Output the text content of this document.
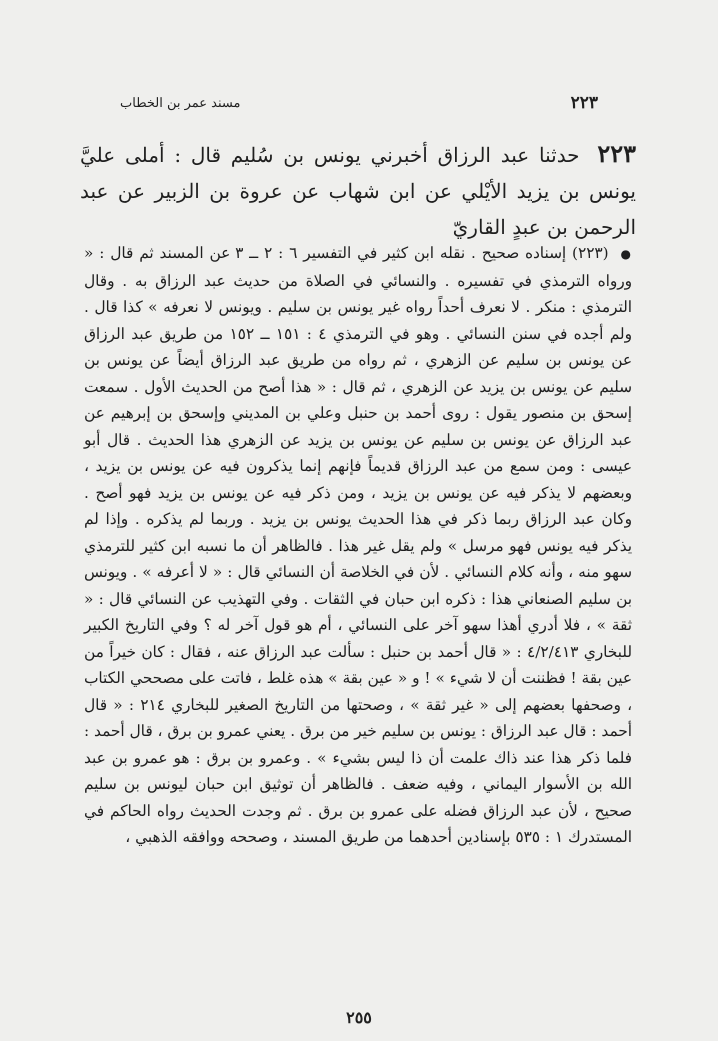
٢٢٣
مسند عمر بن الخطاب
٢٢٣ حدثنا عبد الرزاق أخبرني يونس بن سُليم قال : أملى عليَّ يونس بن يزيد الأيْلي عن ابن شهاب عن عروة بن الزبير عن عبد الرحمن بن عبدٍ القاريّ

● (٢٢٣) إسناده صحيح . نقله ابن كثير في التفسير ٦ : ٢ ــ ٣ عن المسند ثم قال : « ورواه الترمذي في تفسيره . والنسائي في الصلاة من حديث عبد الرزاق به . وقال الترمذي : منكر . لا نعرف أحداً رواه غير يونس بن سليم . ويونس لا نعرفه » كذا قال . ولم أجده في سنن النسائي . وهو في الترمذي ٤ : ١٥١ ــ ١٥٢ من طريق عبد الرزاق عن يونس بن سليم عن الزهري ، ثم رواه من طريق عبد الرزاق أيضاً عن يونس بن سليم عن يونس بن يزيد عن الزهري ، ثم قال : « هذا أصح من الحديث الأول . سمعت إسحق بن منصور يقول : روى أحمد بن حنبل وعلي بن المديني وإسحق بن إبرهيم عن عبد الرزاق عن يونس بن سليم عن يونس بن يزيد عن الزهري هذا الحديث . قال أبو عيسى : ومن سمع من عبد الرزاق قديماً فإنهم إنما يذكرون فيه عن يونس بن يزيد ، وبعضهم لا يذكر فيه عن يونس بن يزيد ، ومن ذكر فيه عن يونس بن يزيد فهو أصح . وكان عبد الرزاق ربما ذكر في هذا الحديث يونس بن يزيد . وربما لم يذكره . وإذا لم يذكر فيه يونس فهو مرسل » ولم يقل غير هذا . فالظاهر أن ما نسبه ابن كثير للترمذي سهو منه ، وأنه كلام النسائي . لأن في الخلاصة أن النسائي قال : « لا أعرفه » . ويونس بن سليم الصنعاني هذا : ذكره ابن حبان في الثقات . وفي التهذيب عن النسائي قال : « ثقة » ، فلا أدري أهذا سهو آخر على النسائي ، أم هو قول آخر له ؟ وفي التاريخ الكبير للبخاري ٤/٢/٤١٣ : « قال أحمد بن حنبل : سألت عبد الرزاق عنه ، فقال : كان خيراً من عين بقة ! فظننت أن لا شيء » ! و « عين بقة » هذه غلط ، فاتت على مصححي الكتاب ، وصحفها بعضهم إلى « غير ثقة » ، وصحتها من التاريخ الصغير للبخاري ٢١٤ : « قال أحمد : قال عبد الرزاق : يونس بن سليم خير من برق . يعني عمرو بن برق ، قال أحمد : فلما ذكر هذا عند ذاك علمت أن ذا ليس بشيء » . وعمرو بن برق : هو عمرو بن عبد الله بن الأسوار اليماني ، وفيه ضعف . فالظاهر أن توثيق ابن حبان ليونس بن سليم صحيح ، لأن عبد الرزاق فضله على عمرو بن برق . ثم وجدت الحديث رواه الحاكم في المستدرك ١ : ٥٣٥ بإسنادين أحدهما من طريق المسند ، وصححه ووافقه الذهبي ،

٢٥٥
